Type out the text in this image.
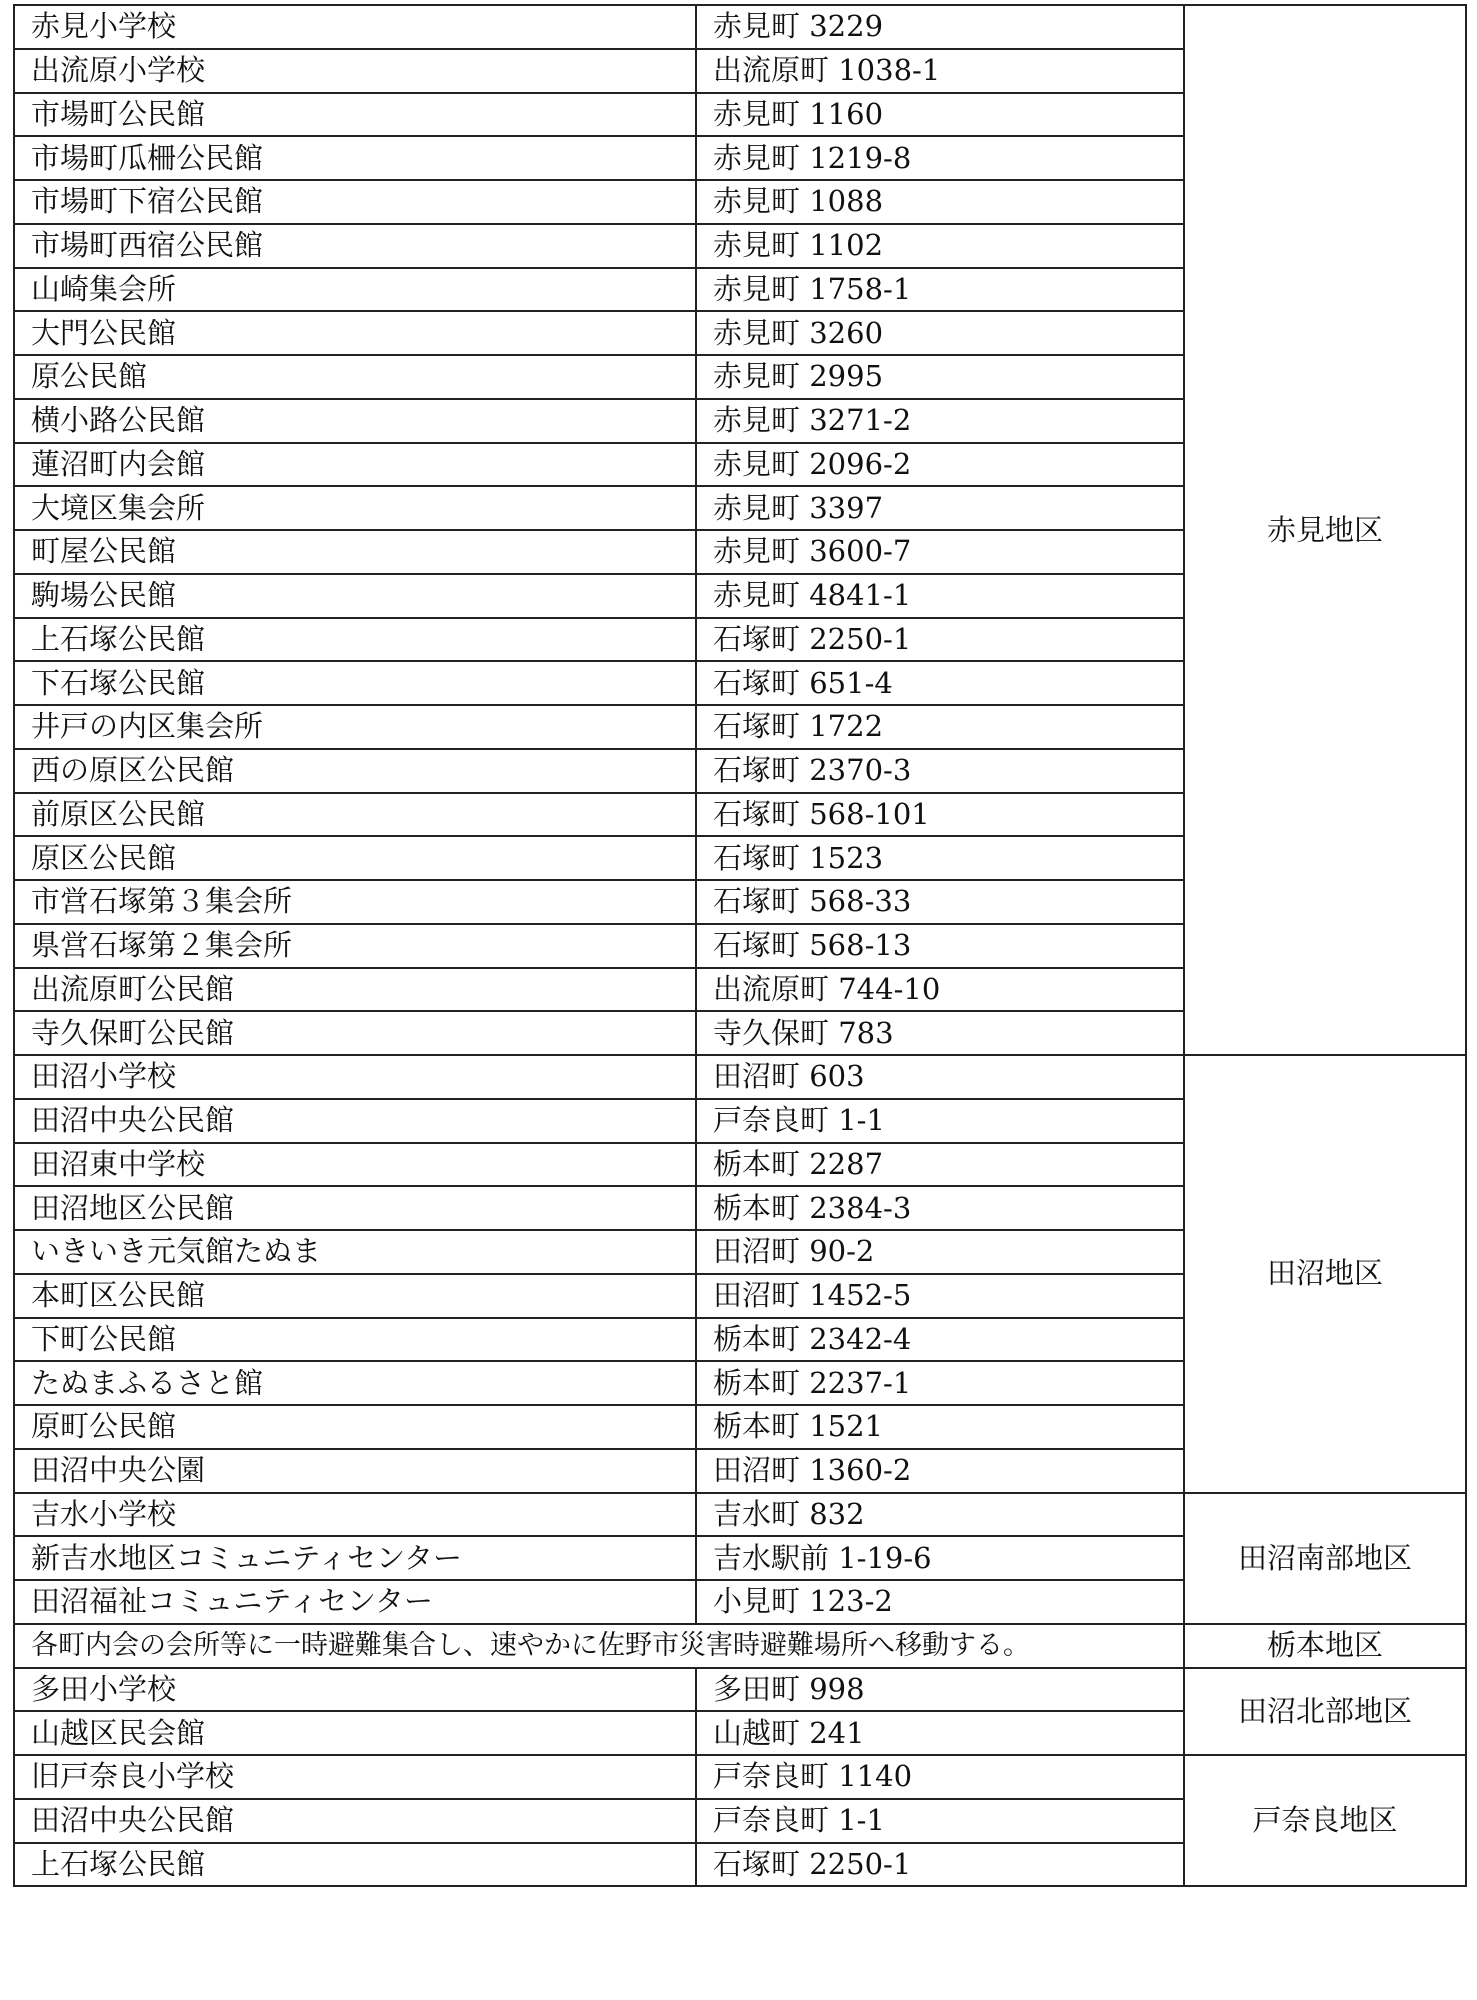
赤見小学校	赤見町 3229	赤見地区
出流原小学校	出流原町 1038-1	
市場町公民館	赤見町 1160	
市場町瓜柵公民館	赤見町 1219-8	
市場町下宿公民館	赤見町 1088	
市場町西宿公民館	赤見町 1102	
山崎集会所	赤見町 1758-1	
大門公民館	赤見町 3260	
原公民館	赤見町 2995	
横小路公民館	赤見町 3271-2	
蓮沼町内会館	赤見町 2096-2	
大境区集会所	赤見町 3397	
町屋公民館	赤見町 3600-7	
駒場公民館	赤見町 4841-1	
上石塚公民館	石塚町 2250-1	
下石塚公民館	石塚町 651-4	
井戸の内区集会所	石塚町 1722	
西の原区公民館	石塚町 2370-3	
前原区公民館	石塚町 568-101	
原区公民館	石塚町 1523	
市営石塚第３集会所	石塚町 568-33	
県営石塚第２集会所	石塚町 568-13	
出流原町公民館	出流原町 744-10	
寺久保町公民館	寺久保町 783	
田沼小学校	田沼町 603	田沼地区
田沼中央公民館	戸奈良町 1-1	
田沼東中学校	栃本町 2287	
田沼地区公民館	栃本町 2384-3	
いきいき元気館たぬま	田沼町 90-2	
本町区公民館	田沼町 1452-5	
下町公民館	栃本町 2342-4	
たぬまふるさと館	栃本町 2237-1	
原町公民館	栃本町 1521	
田沼中央公園	田沼町 1360-2	
吉水小学校	吉水町 832	田沼南部地区
新吉水地区コミュニティセンター	吉水駅前 1-19-6	
田沼福祉コミュニティセンター	小見町 123-2	
各町内会の会所等に一時避難集合し、速やかに佐野市災害時避難場所へ移動する。		栃本地区
多田小学校	多田町 998	田沼北部地区
山越区民会館	山越町 241	
旧戸奈良小学校	戸奈良町 1140	戸奈良地区
田沼中央公民館	戸奈良町 1-1	
上石塚公民館	石塚町 2250-1	
